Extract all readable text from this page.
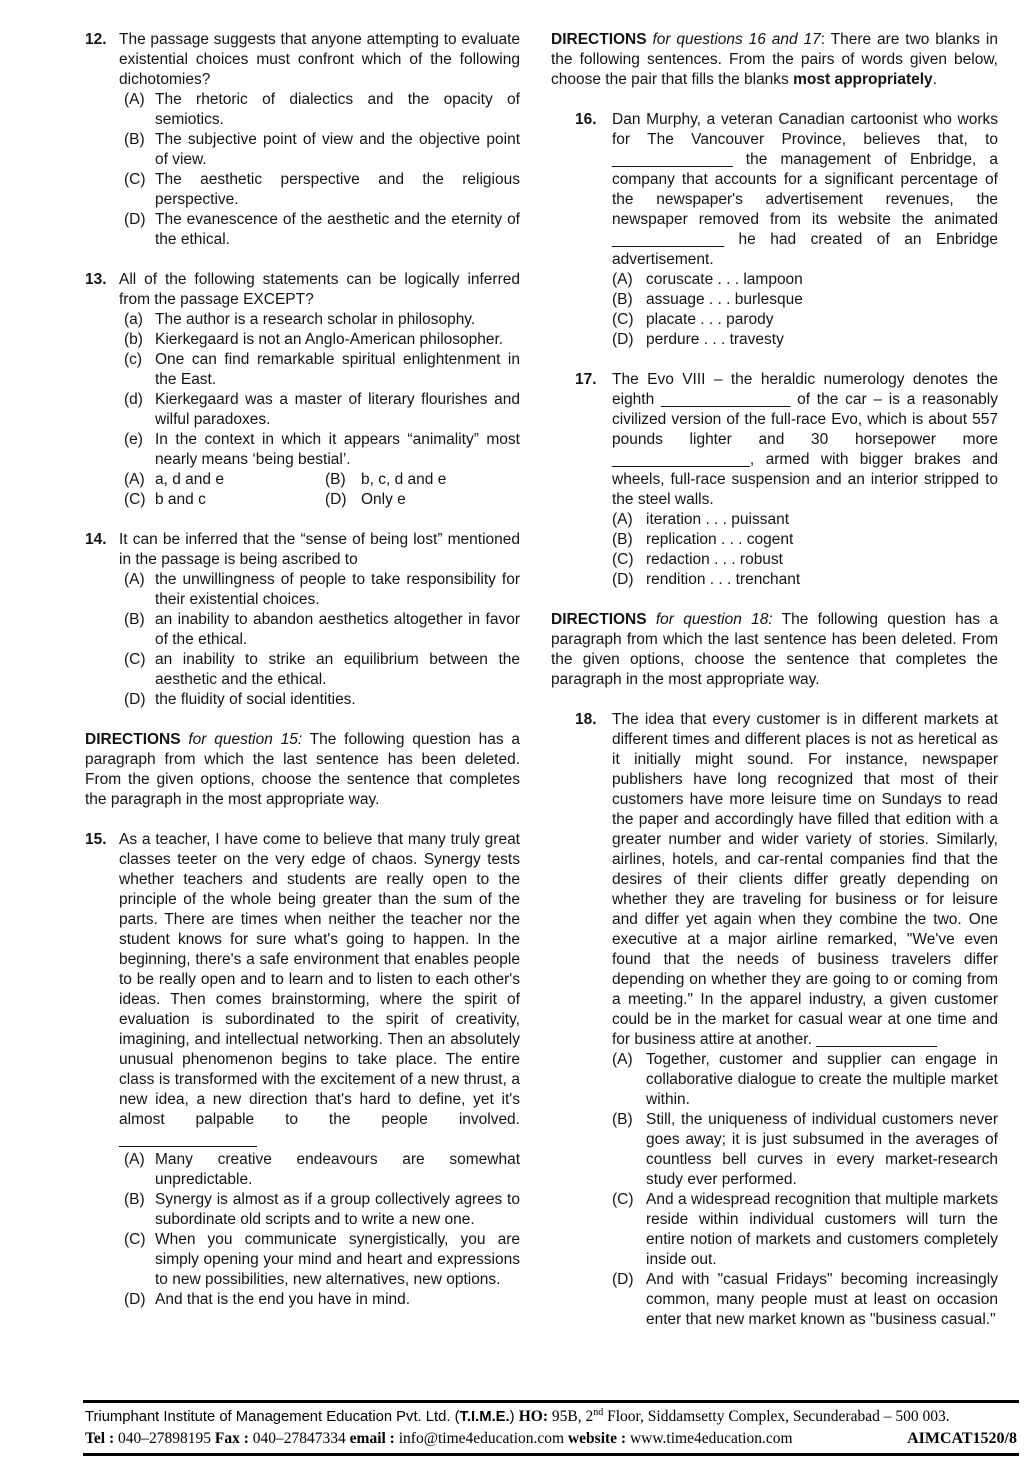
12. The passage suggests that anyone attempting to evaluate existential choices must confront which of the following dichotomies?
(A) The rhetoric of dialectics and the opacity of semiotics.
(B) The subjective point of view and the objective point of view.
(C) The aesthetic perspective and the religious perspective.
(D) The evanescence of the aesthetic and the eternity of the ethical.
13. All of the following statements can be logically inferred from the passage EXCEPT?
(a) The author is a research scholar in philosophy.
(b) Kierkegaard is not an Anglo-American philosopher.
(c) One can find remarkable spiritual enlightenment in the East.
(d) Kierkegaard was a master of literary flourishes and wilful paradoxes.
(e) In the context in which it appears “animality” most nearly means ‘being bestial’.
(A) a, d and e	(B) b, c, d and e
(C) b and c	(D) Only e
14. It can be inferred that the “sense of being lost” mentioned in the passage is being ascribed to
(A) the unwillingness of people to take responsibility for their existential choices.
(B) an inability to abandon aesthetics altogether in favor of the ethical.
(C) an inability to strike an equilibrium between the aesthetic and the ethical.
(D) the fluidity of social identities.
DIRECTIONS for question 15: The following question has a paragraph from which the last sentence has been deleted. From the given options, choose the sentence that completes the paragraph in the most appropriate way.
15. As a teacher, I have come to believe that many truly great classes teeter on the very edge of chaos. Synergy tests whether teachers and students are really open to the principle of the whole being greater than the sum of the parts. There are times when neither the teacher nor the student knows for sure what's going to happen. In the beginning, there's a safe environment that enables people to be really open and to learn and to listen to each other's ideas. Then comes brainstorming, where the spirit of evaluation is subordinated to the spirit of creativity, imagining, and intellectual networking. Then an absolutely unusual phenomenon begins to take place. The entire class is transformed with the excitement of a new thrust, a new idea, a new direction that's hard to define, yet it's almost palpable to the people involved. ________________
(A) Many creative endeavours are somewhat unpredictable.
(B) Synergy is almost as if a group collectively agrees to subordinate old scripts and to write a new one.
(C) When you communicate synergistically, you are simply opening your mind and heart and expressions to new possibilities, new alternatives, new options.
(D) And that is the end you have in mind.
DIRECTIONS for questions 16 and 17: There are two blanks in the following sentences. From the pairs of words given below, choose the pair that fills the blanks most appropriately.
16. Dan Murphy, a veteran Canadian cartoonist who works for The Vancouver Province, believes that, to ______________ the management of Enbridge, a company that accounts for a significant percentage of the newspaper's advertisement revenues, the newspaper removed from its website the animated _____________ he had created of an Enbridge advertisement.
(A) coruscate . . . lampoon
(B) assuage . . . burlesque
(C) placate . . . parody
(D) perdure . . . travesty
17. The Evo VIII – the heraldic numerology denotes the eighth _______________ of the car – is a reasonably civilized version of the full-race Evo, which is about 557 pounds lighter and 30 horsepower more ________________, armed with bigger brakes and wheels, full-race suspension and an interior stripped to the steel walls.
(A) iteration . . . puissant
(B) replication . . . cogent
(C) redaction . . . robust
(D) rendition . . . trenchant
DIRECTIONS for question 18: The following question has a paragraph from which the last sentence has been deleted. From the given options, choose the sentence that completes the paragraph in the most appropriate way.
18. The idea that every customer is in different markets at different times and different places is not as heretical as it initially might sound. For instance, newspaper publishers have long recognized that most of their customers have more leisure time on Sundays to read the paper and accordingly have filled that edition with a greater number and wider variety of stories. Similarly, airlines, hotels, and car-rental companies find that the desires of their clients differ greatly depending on whether they are traveling for business or for leisure and differ yet again when they combine the two. One executive at a major airline remarked, "We've even found that the needs of business travelers differ depending on whether they are going to or coming from a meeting." In the apparel industry, a given customer could be in the market for casual wear at one time and for business attire at another. ______________
(A) Together, customer and supplier can engage in collaborative dialogue to create the multiple market within.
(B) Still, the uniqueness of individual customers never goes away; it is just subsumed in the averages of countless bell curves in every market-research study ever performed.
(C) And a widespread recognition that multiple markets reside within individual customers will turn the entire notion of markets and customers completely inside out.
(D) And with "casual Fridays" becoming increasingly common, many people must at least on occasion enter that new market known as "business casual."
Triumphant Institute of Management Education Pvt. Ltd. (T.I.M.E.) HO: 95B, 2nd Floor, Siddamsetty Complex, Secunderabad – 500 003.
Tel : 040–27898195 Fax : 040–27847334 email : info@time4education.com website : www.time4education.com	AIMCAT1520/8
